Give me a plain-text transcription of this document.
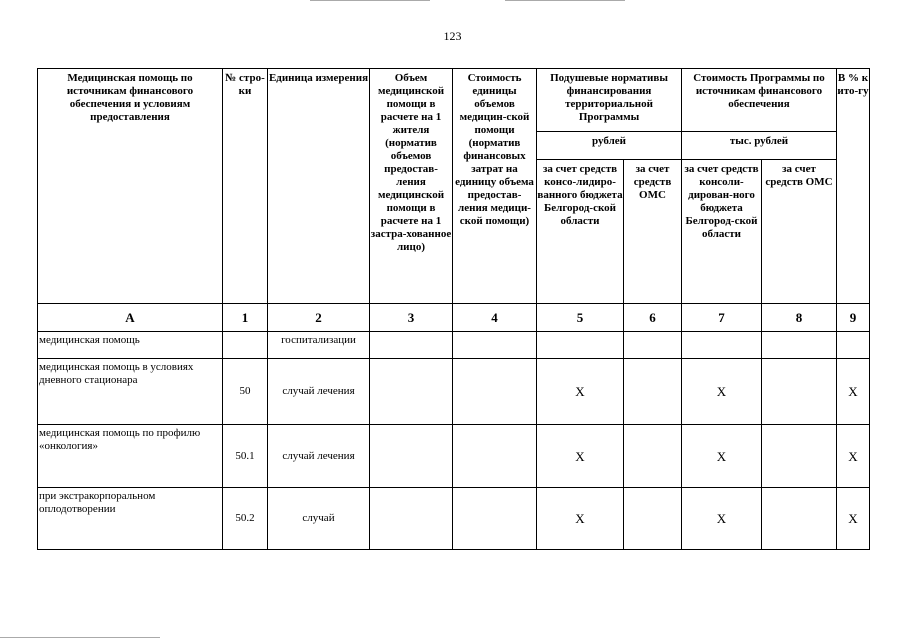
123
Медицинская помощь по источникам финансового обеспечения и условиям предоставления	№ стро-ки	Единица измерения	Объем медицинской помощи в расчете на 1 жителя (норматив объемов предостав-ления медицинской помощи в расчете на 1 застра-хованное лицо)	Стоимость единицы объемов медицин-ской помощи (норматив финансовых затрат на единицу объема предостав-ления медици-ской помощи)	Подушевые нормативы финансирования территориальной Программы		Стоимость Программы по источникам финансового обеспечения		В % к ито-гу
					рублей		тыс. рублей		
					за счет средств консо-лидиро-ванного бюджета Белгород-ской области	за счет средств ОМС	за счет средств консоли-дирован-ного бюджета Белгород-ской области	за счет средств ОМС	
А	1	2	3	4	5	6	7	8	9
медицинская помощь		госпитализации							
медицинская помощь в условиях дневного стационара	50	случай лечения			Х		Х		Х
медицинская помощь по профилю «онкология»	50.1	случай лечения			Х		Х		Х
при экстракорпоральном оплодотворении	50.2	случай			Х		Х		Х
